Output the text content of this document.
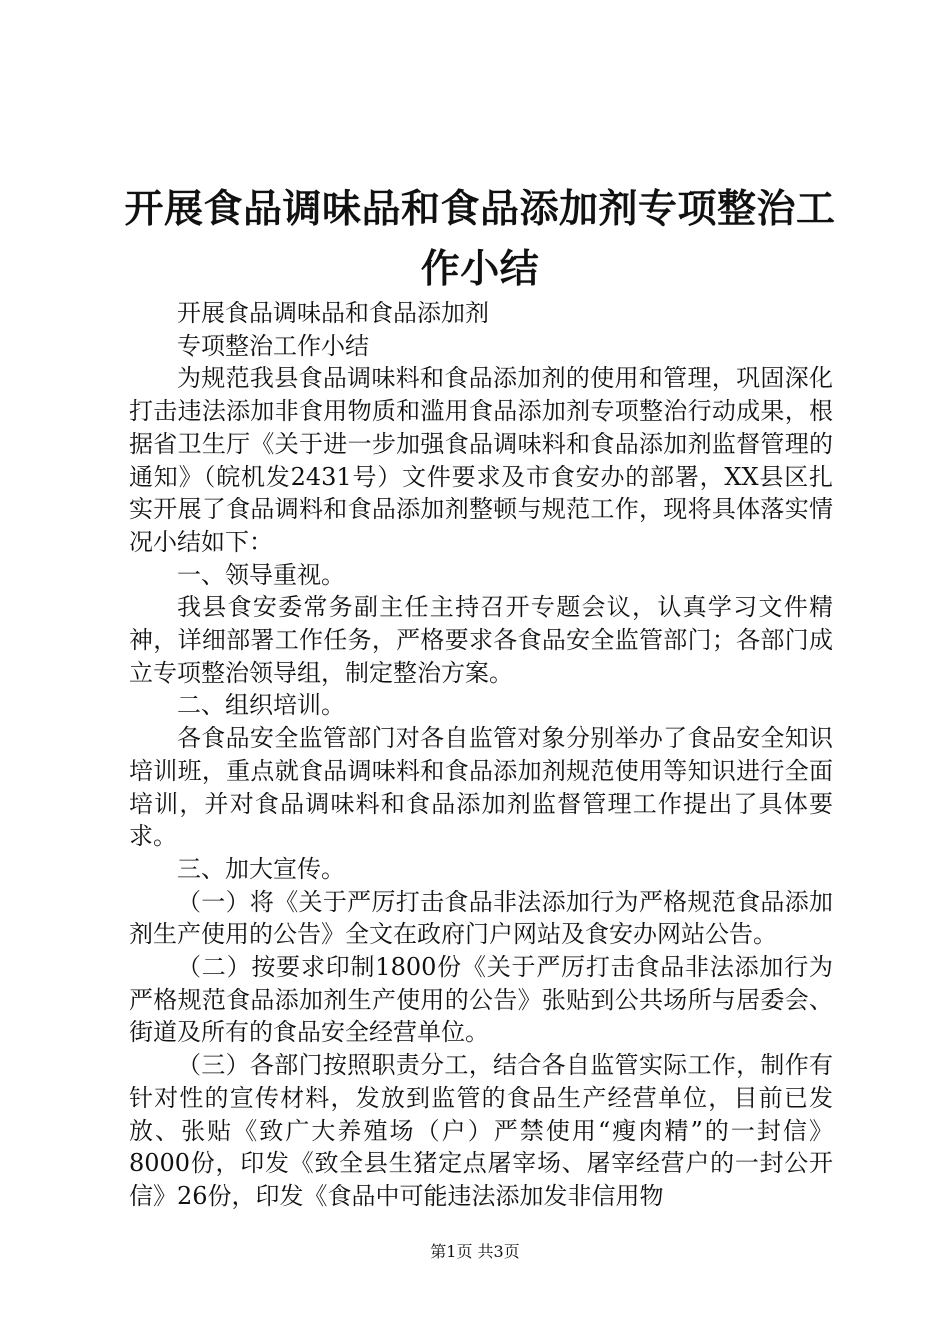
开展食品调味品和食品添加剂专项整治工作小结

开展食品调味品和食品添加剂

专项整治工作小结

为规范我县食品调味料和食品添加剂的使用和管理，巩固深化打击违法添加非食用物质和滥用食品添加剂专项整治行动成果，根据省卫生厅《关于进一步加强食品调味料和食品添加剂监督管理的通知》（皖机发2431号）文件要求及市食安办的部署，XX县区扎实开展了食品调料和食品添加剂整顿与规范工作，现将具体落实情况小结如下：

一、领导重视。

我县食安委常务副主任主持召开专题会议，认真学习文件精神，详细部署工作任务，严格要求各食品安全监管部门；各部门成立专项整治领导组，制定整治方案。

二、组织培训。

各食品安全监管部门对各自监管对象分别举办了食品安全知识培训班，重点就食品调味料和食品添加剂规范使用等知识进行全面培训，并对食品调味料和食品添加剂监督管理工作提出了具体要求。

三、加大宣传。

（一）将《关于严厉打击食品非法添加行为严格规范食品添加剂生产使用的公告》全文在政府门户网站及食安办网站公告。

（二）按要求印制1800份《关于严厉打击食品非法添加行为严格规范食品添加剂生产使用的公告》张贴到公共场所与居委会、街道及所有的食品安全经营单位。

（三）各部门按照职责分工，结合各自监管实际工作，制作有针对性的宣传材料，发放到监管的食品生产经营单位，目前已发放、张贴《致广大养殖场（户）严禁使用“瘦肉精”的一封信》8000份，印发《致全县生猪定点屠宰场、屠宰经营户的一封公开信》26份，印发《食品中可能违法添加发非信用物

第1页 共3页
